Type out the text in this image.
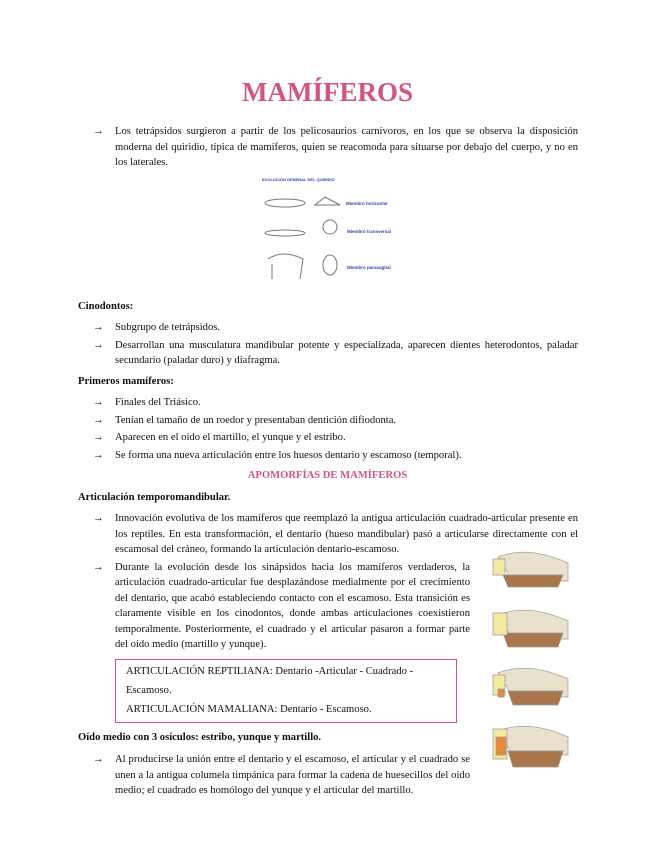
MAMÍFEROS
→ Los tetrápsidos surgieron a partir de los pelicosaurios carnívoros, en los que se observa la disposición moderna del quiridio, típica de mamíferos, quien se reacomoda para situarse por debajo del cuerpo, y no en los laterales.
EVOLUCIÓN GENERAL DEL QUIRIDIO
Miembro horizontal
Miembro transversal
Miembro parasagital
Cinodontos:
→ Subgrupo de tetrápsidos.
→ Desarrollan una musculatura mandibular potente y especializada, aparecen dientes heterodontos, paladar secundario (paladar duro) y diafragma.
Primeros mamíferos:
→ Finales del Triásico.
→ Tenían el tamaño de un roedor y presentaban dentición difiodonta.
→ Aparecen en el oído el martillo, el yunque y el estribo.
→ Se forma una nueva articulación entre los huesos dentario y escamoso (temporal).
APOMORFÍAS DE MAMÍFEROS
Articulación temporomandibular.
→ Innovación evolutiva de los mamíferos que reemplazó la antigua articulación cuadrado-articular presente en los reptiles. En esta transformación, el dentario (hueso mandibular) pasó a articularse directamente con el escamosal del cráneo, formando la articulación dentario-escamoso.
→ Durante la evolución desde los sinápsidos hacia los mamíferos verdaderos, la articulación cuadrado-articular fue desplazándose medialmente por el crecimiento del dentario, que acabó estableciendo contacto con el escamoso. Esta transición es claramente visible en los cinodontos, donde ambas articulaciones coexistieron temporalmente. Posteriormente, el cuadrado y el articular pasaron a formar parte del oído medio (martillo y yunque).
ARTICULACIÓN REPTILIANA: Dentario -Articular - Cuadrado - Escamoso.
ARTICULACIÓN MAMALIANA: Dentario - Escamoso.
Oído medio con 3 osículos: estribo, yunque y martillo.
→ Al producirse la unión entre el dentario y el escamoso, el articular y el cuadrado se unen a la antigua columela timpánica para formar la cadena de huesecillos del oído medio; el cuadrado es homólogo del yunque y el articular del martillo.
